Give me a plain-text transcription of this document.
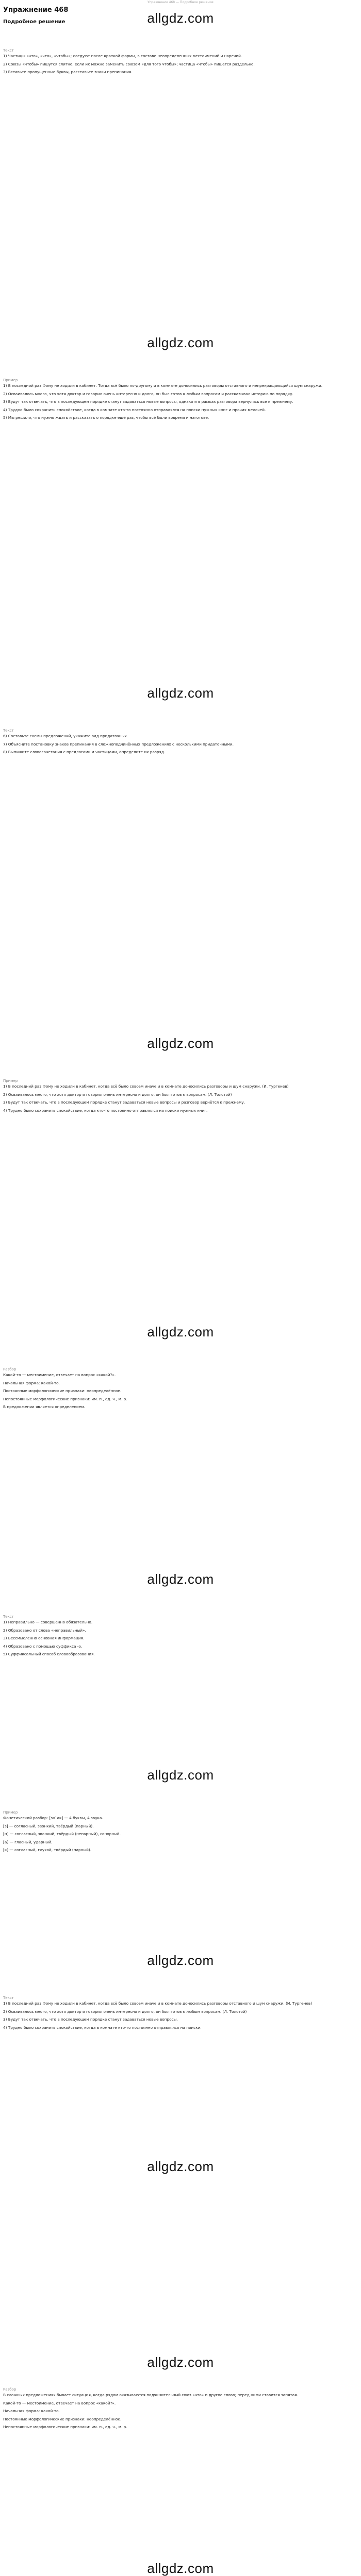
Упражнение 468 — Подробное решение
Упражнение 468
Подробное решение	allgdz.com
allgdz.com
allgdz.com
allgdz.com
allgdz.com
allgdz.com
allgdz.com
allgdz.com
allgdz.com
allgdz.com
allgdz.com
Текст
1) Частицы «что», «что», «чтобы»; следуют после краткой формы, в составе неопределенных местоимений и наречий.
2) Союзы «чтобы» пишутся слитно, если их можно заменить союзом «для того чтобы»; частица «чтобы» пишется раздельно.
3) Вставьте пропущенные буквы, расставьте знаки препинания.
Пример
1) В последний раз Фому не ходили в кабинет. Тогда всё было по-другому и в комнате доносились разговоры отставного и непрекращающийся шум снаружи.
2) Осваивалось много, что хотя доктор и говорил очень интересно и долго, он был готов к любым вопросам и рассказывал историю по порядку.
3) Будут так отвечать, что в последующем порядке станут задаваться новые вопросы, однако и в рамках разговора вернулись все к прежнему.
4) Трудно было сохранить спокойствие, когда в комнате кто-то постоянно отправлялся на поиски нужных книг и прочих мелочей.
5) Мы решили, что нужно ждать и рассказать о порядке ещё раз, чтобы всё были вовремя и наготове.
Текст
6) Составьте схемы предложений, укажите вид придаточных.
7) Объясните постановку знаков препинания в сложноподчинённых предложениях с несколькими придаточными.
8) Выпишите словосочетания с предлогами и частицами, определите их разряд.
Пример
1) В последний раз Фому не ходили в кабинет, когда всё было совсем иначе и в комнате доносились разговоры и шум снаружи. (И. Тургенев)
2) Осваивалось много, что хотя доктор и говорил очень интересно и долго, он был готов к вопросам. (Л. Толстой)
3) Будут так отвечать, что в последующем порядке станут задаваться новые вопросы и разговор вернётся к прежнему.
4) Трудно было сохранить спокойствие, когда кто-то постоянно отправлялся на поиски нужных книг.
Разбор
Какой-то — местоимение, отвечает на вопрос «какой?».
Начальная форма: какой-то.
Постоянные морфологические признаки: неопределённое.
Непостоянные морфологические признаки: им. п., ед. ч., м. р.
В предложении является определением.
Текст
1) Неправильно — совершенно обязательно.
2) Образовано от слова «неправильный».
3) Бессмысленно основная информация.
4) Образовано с помощью суффикса -о.
5) Суффиксальный способ словообразования.
Пример
Фонетический разбор: [зн`ак] — 4 буквы, 4 звука.
[з] — согласный, звонкий, твёрдый (парный).
[н] — согласный, звонкий, твёрдый (непарный), сонорный.
[а] — гласный, ударный.
[к] — согласный, глухой, твёрдый (парный).
Текст
1) В последний раз Фому не ходили в кабинет, когда всё было совсем иначе и в комнате доносились разговоры отставного и шум снаружи. (И. Тургенев)
2) Осваивалось много, что хотя доктор и говорил очень интересно и долго, он был готов к любым вопросам. (Л. Толстой)
3) Будут так отвечать, что в последующем порядке станут задаваться новые вопросы.
4) Трудно было сохранить спокойствие, когда в комнате кто-то постоянно отправлялся на поиски.
Разбор
В сложных предложениях бывает ситуация, когда рядом оказываются подчинительный союз «что» и другое слово; перед ними ставится запятая.
Какой-то — местоимение, отвечает на вопрос «какой?».
Начальная форма: какой-то.
Постоянные морфологические признаки: неопределённое.
Непостоянные морфологические признаки: им. п., ед. ч., м. р.
